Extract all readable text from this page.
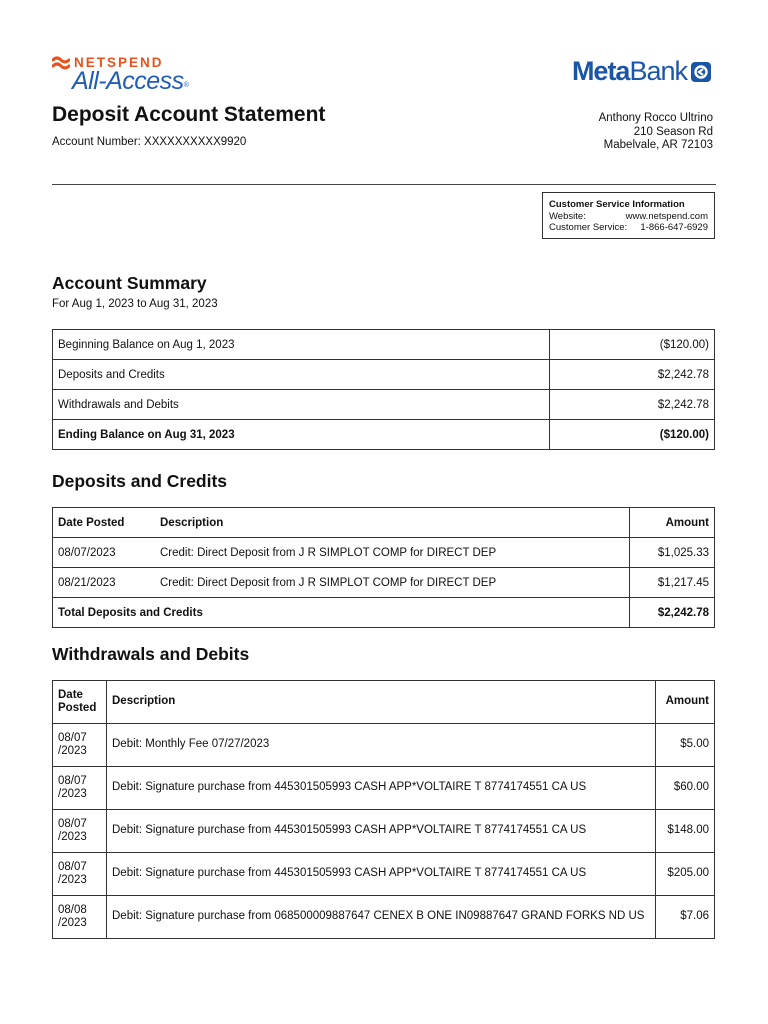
NETSPEND
All-Access®	MetaBank
Deposit Account Statement
Account Number: XXXXXXXXXX9920
Anthony Rocco Ultrino
210 Season Rd
Mabelvale, AR 72103
Customer Service Information
Website:	www.netspend.com
Customer Service: 1-866-647-6929
Account Summary
For Aug 1, 2023 to Aug 31, 2023
Beginning Balance on Aug 1, 2023	($120.00)
Deposits and Credits	$2,242.78
Withdrawals and Debits	$2,242.78
Ending Balance on Aug 31, 2023	($120.00)
Deposits and Credits
Date Posted	Description	Amount
08/07/2023	Credit: Direct Deposit from J R SIMPLOT COMP for DIRECT DEP	$1,025.33
08/21/2023	Credit: Direct Deposit from J R SIMPLOT COMP for DIRECT DEP	$1,217.45
Total Deposits and Credits		$2,242.78
Withdrawals and Debits
Date
Posted	Description	Amount
08/07
/2023	Debit: Monthly Fee 07/27/2023	$5.00
08/07
/2023	Debit: Signature purchase from 445301505993 CASH APP*VOLTAIRE T 8774174551 CA US	$60.00
08/07
/2023	Debit: Signature purchase from 445301505993 CASH APP*VOLTAIRE T 8774174551 CA US	$148.00
08/07
/2023	Debit: Signature purchase from 445301505993 CASH APP*VOLTAIRE T 8774174551 CA US	$205.00
08/08
/2023	Debit: Signature purchase from 068500009887647 CENEX B ONE IN09887647 GRAND FORKS ND US	$7.06
